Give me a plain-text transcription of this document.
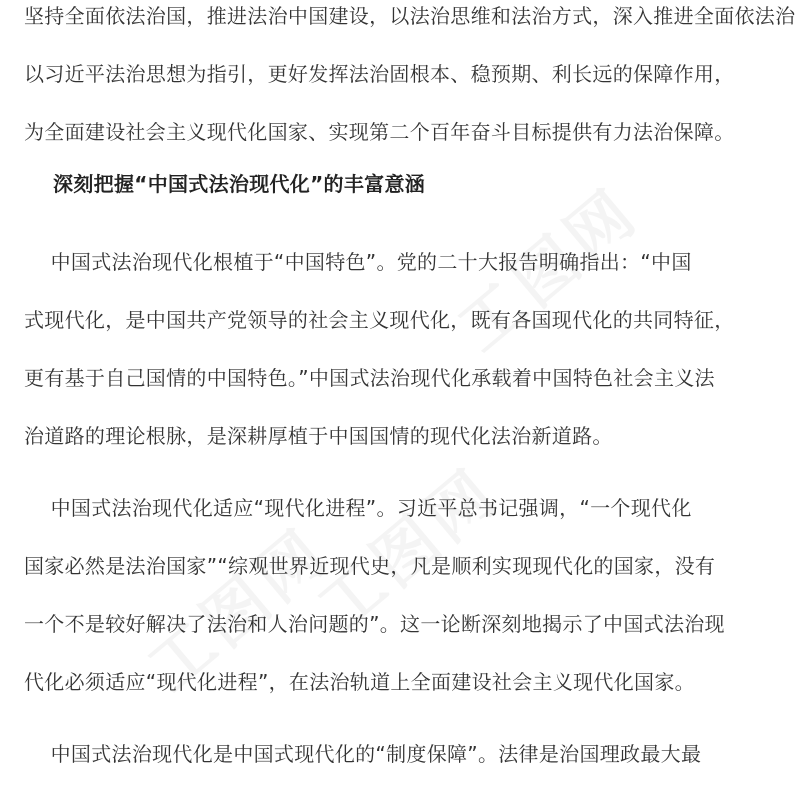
坚持全面依法治国，推进法治中国建设，以法治思维和法治方式，深入推进全面依法治
以习近平法治思想为指引，更好发挥法治固根本、稳预期、利长远的保障作用，
为全面建设社会主义现代化国家、实现第二个百年奋斗目标提供有力法治保障。

深刻把握“中国式法治现代化”的丰富意涵

中国式法治现代化根植于“中国特色”。党的二十大报告明确指出：“中国
式现代化，是中国共产党领导的社会主义现代化，既有各国现代化的共同特征，
更有基于自己国情的中国特色。”中国式法治现代化承载着中国特色社会主义法
治道路的理论根脉，是深耕厚植于中国国情的现代化法治新道路。

中国式法治现代化适应“现代化进程”。习近平总书记强调，“一个现代化
国家必然是法治国家”“综观世界近现代史，凡是顺利实现现代化的国家，没有
一个不是较好解决了法治和人治问题的”。这一论断深刻地揭示了中国式法治现
代化必须适应“现代化进程”，在法治轨道上全面建设社会主义现代化国家。

中国式法治现代化是中国式现代化的“制度保障”。法律是治国理政最大最
